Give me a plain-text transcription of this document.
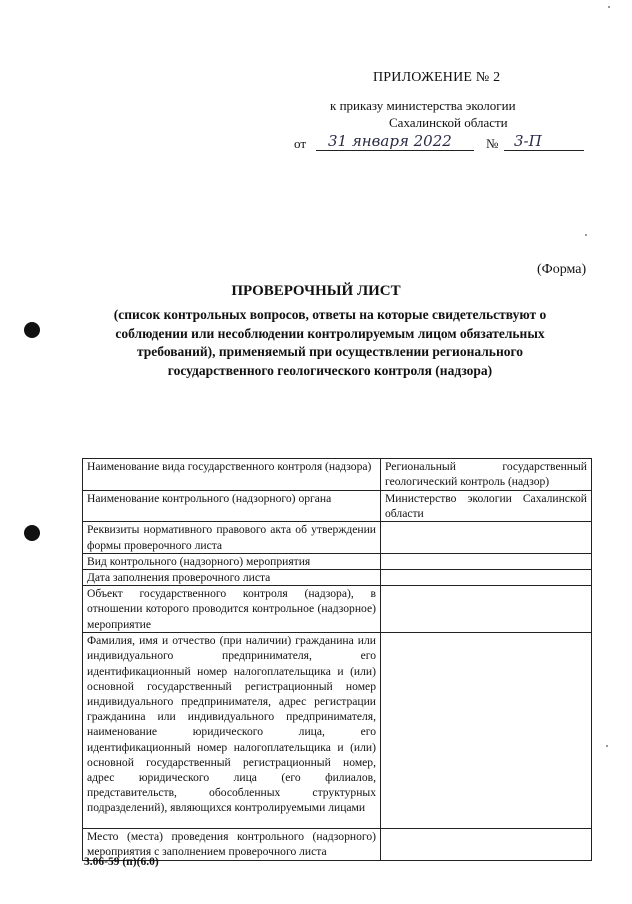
ПРИЛОЖЕНИЕ № 2
к приказу министерства экологии
Сахалинской области
от	31 января 2022	№	3-П
(Форма)
ПРОВЕРОЧНЫЙ ЛИСТ
(список контрольных вопросов, ответы на которые свидетельствуют о соблюдении или несоблюдении контролируемым лицом обязательных требований), применяемый при осуществлении регионального государственного геологического контроля (надзора)
Наименование вида государственного контроля (надзора)	Региональный государственный геологический контроль (надзор)
Наименование контрольного (надзорного) органа	Министерство экологии Сахалинской области
Реквизиты нормативного правового акта об утверждении формы проверочного листа	
Вид контрольного (надзорного) мероприятия	
Дата заполнения проверочного листа	
Объект государственного контроля (надзора), в отношении которого проводится контрольное (надзорное) мероприятие	
Фамилия, имя и отчество (при наличии) гражданина или индивидуального предпринимателя, его идентификационный номер налогоплательщика и (или) основной государственный регистрационный номер индивидуального предпринимателя, адрес регистрации гражданина или индивидуального предпринимателя, наименование юридического лица, его идентификационный номер налогоплательщика и (или) основной государственный регистрационный номер, адрес юридического лица (его филиалов, представительств, обособленных структурных подразделений), являющихся контролируемыми лицами	
Место (места) проведения контрольного (надзорного) мероприятия с заполнением проверочного листа	
3.06-59 (п)(6.0)
